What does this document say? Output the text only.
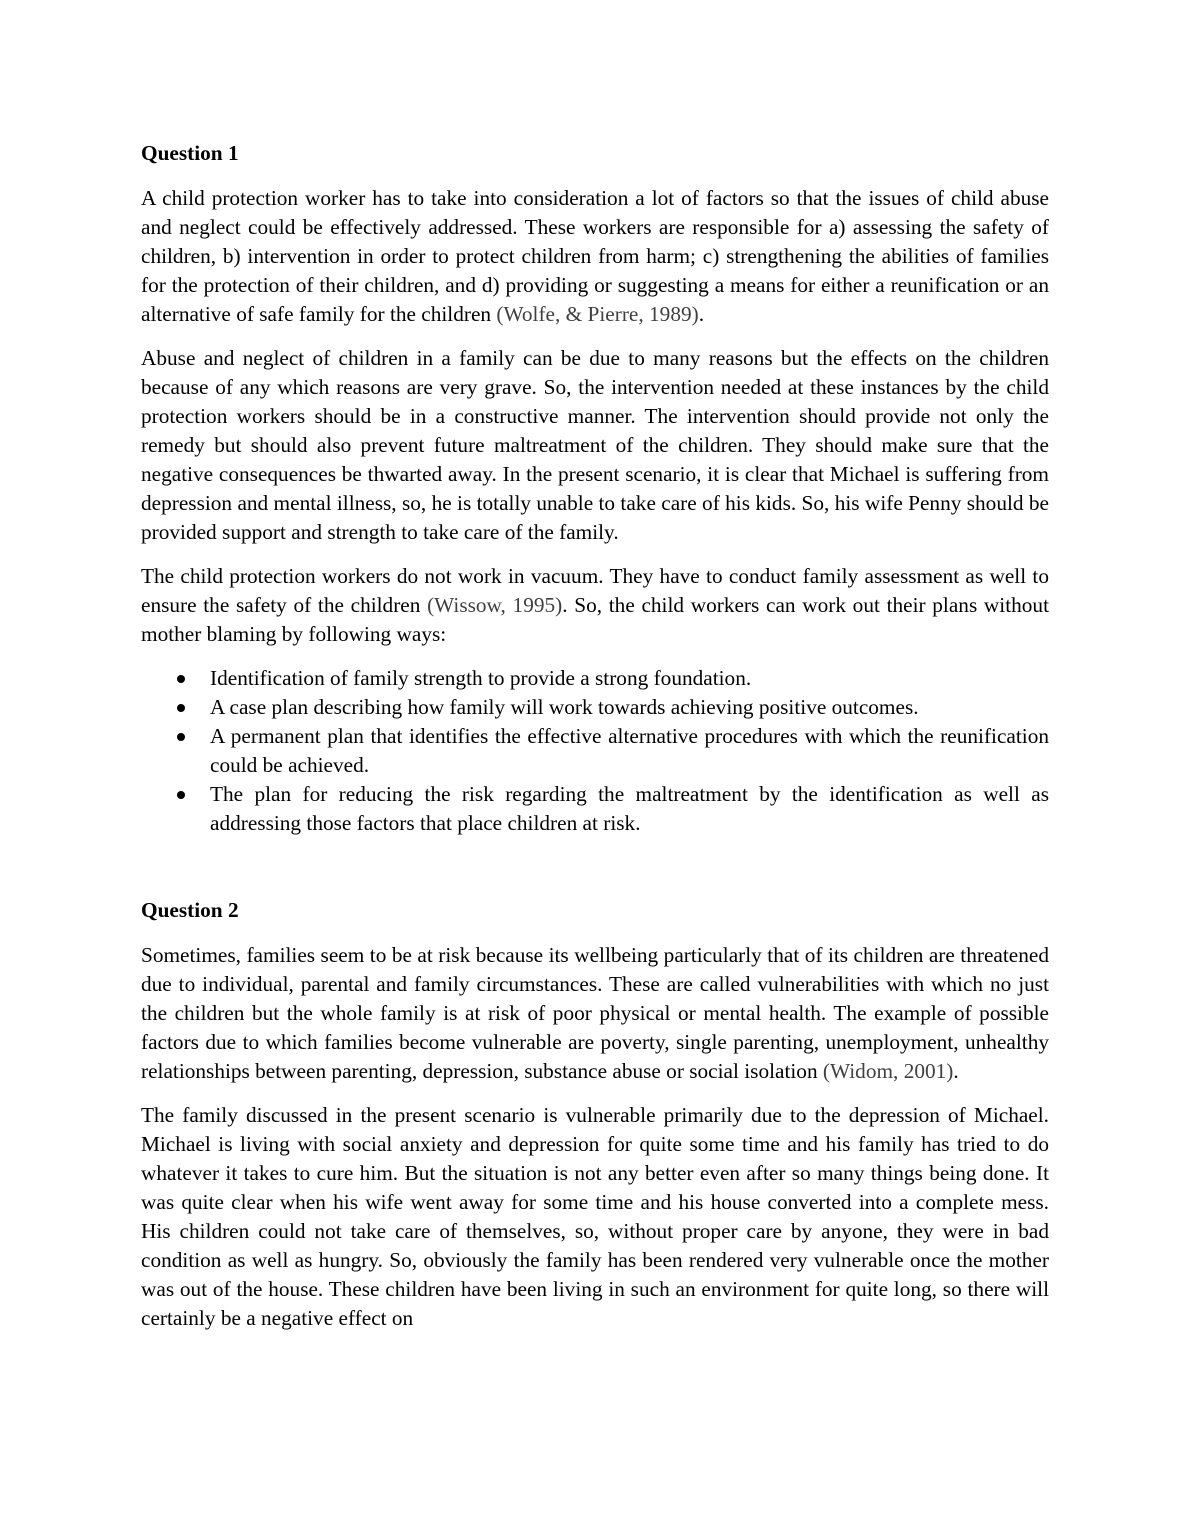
Question 1

A child protection worker has to take into consideration a lot of factors so that the issues of child abuse and neglect could be effectively addressed. These workers are responsible for a) assessing the safety of children, b) intervention in order to protect children from harm; c) strengthening the abilities of families for the protection of their children, and d) providing or suggesting a means for either a reunification or an alternative of safe family for the children (Wolfe, & Pierre, 1989).

Abuse and neglect of children in a family can be due to many reasons but the effects on the children because of any which reasons are very grave. So, the intervention needed at these instances by the child protection workers should be in a constructive manner. The intervention should provide not only the remedy but should also prevent future maltreatment of the children. They should make sure that the negative consequences be thwarted away. In the present scenario, it is clear that Michael is suffering from depression and mental illness, so, he is totally unable to take care of his kids. So, his wife Penny should be provided support and strength to take care of the family.

The child protection workers do not work in vacuum. They have to conduct family assessment as well to ensure the safety of the children (Wissow, 1995). So, the child workers can work out their plans without mother blaming by following ways:

Identification of family strength to provide a strong foundation.
A case plan describing how family will work towards achieving positive outcomes.
A permanent plan that identifies the effective alternative procedures with which the reunification could be achieved.
The plan for reducing the risk regarding the maltreatment by the identification as well as addressing those factors that place children at risk.
Question 2

Sometimes, families seem to be at risk because its wellbeing particularly that of its children are threatened due to individual, parental and family circumstances. These are called vulnerabilities with which no just the children but the whole family is at risk of poor physical or mental health. The example of possible factors due to which families become vulnerable are poverty, single parenting, unemployment, unhealthy relationships between parenting, depression, substance abuse or social isolation (Widom, 2001).

The family discussed in the present scenario is vulnerable primarily due to the depression of Michael. Michael is living with social anxiety and depression for quite some time and his family has tried to do whatever it takes to cure him. But the situation is not any better even after so many things being done. It was quite clear when his wife went away for some time and his house converted into a complete mess. His children could not take care of themselves, so, without proper care by anyone, they were in bad condition as well as hungry. So, obviously the family has been rendered very vulnerable once the mother was out of the house. These children have been living in such an environment for quite long, so there will certainly be a negative effect on
